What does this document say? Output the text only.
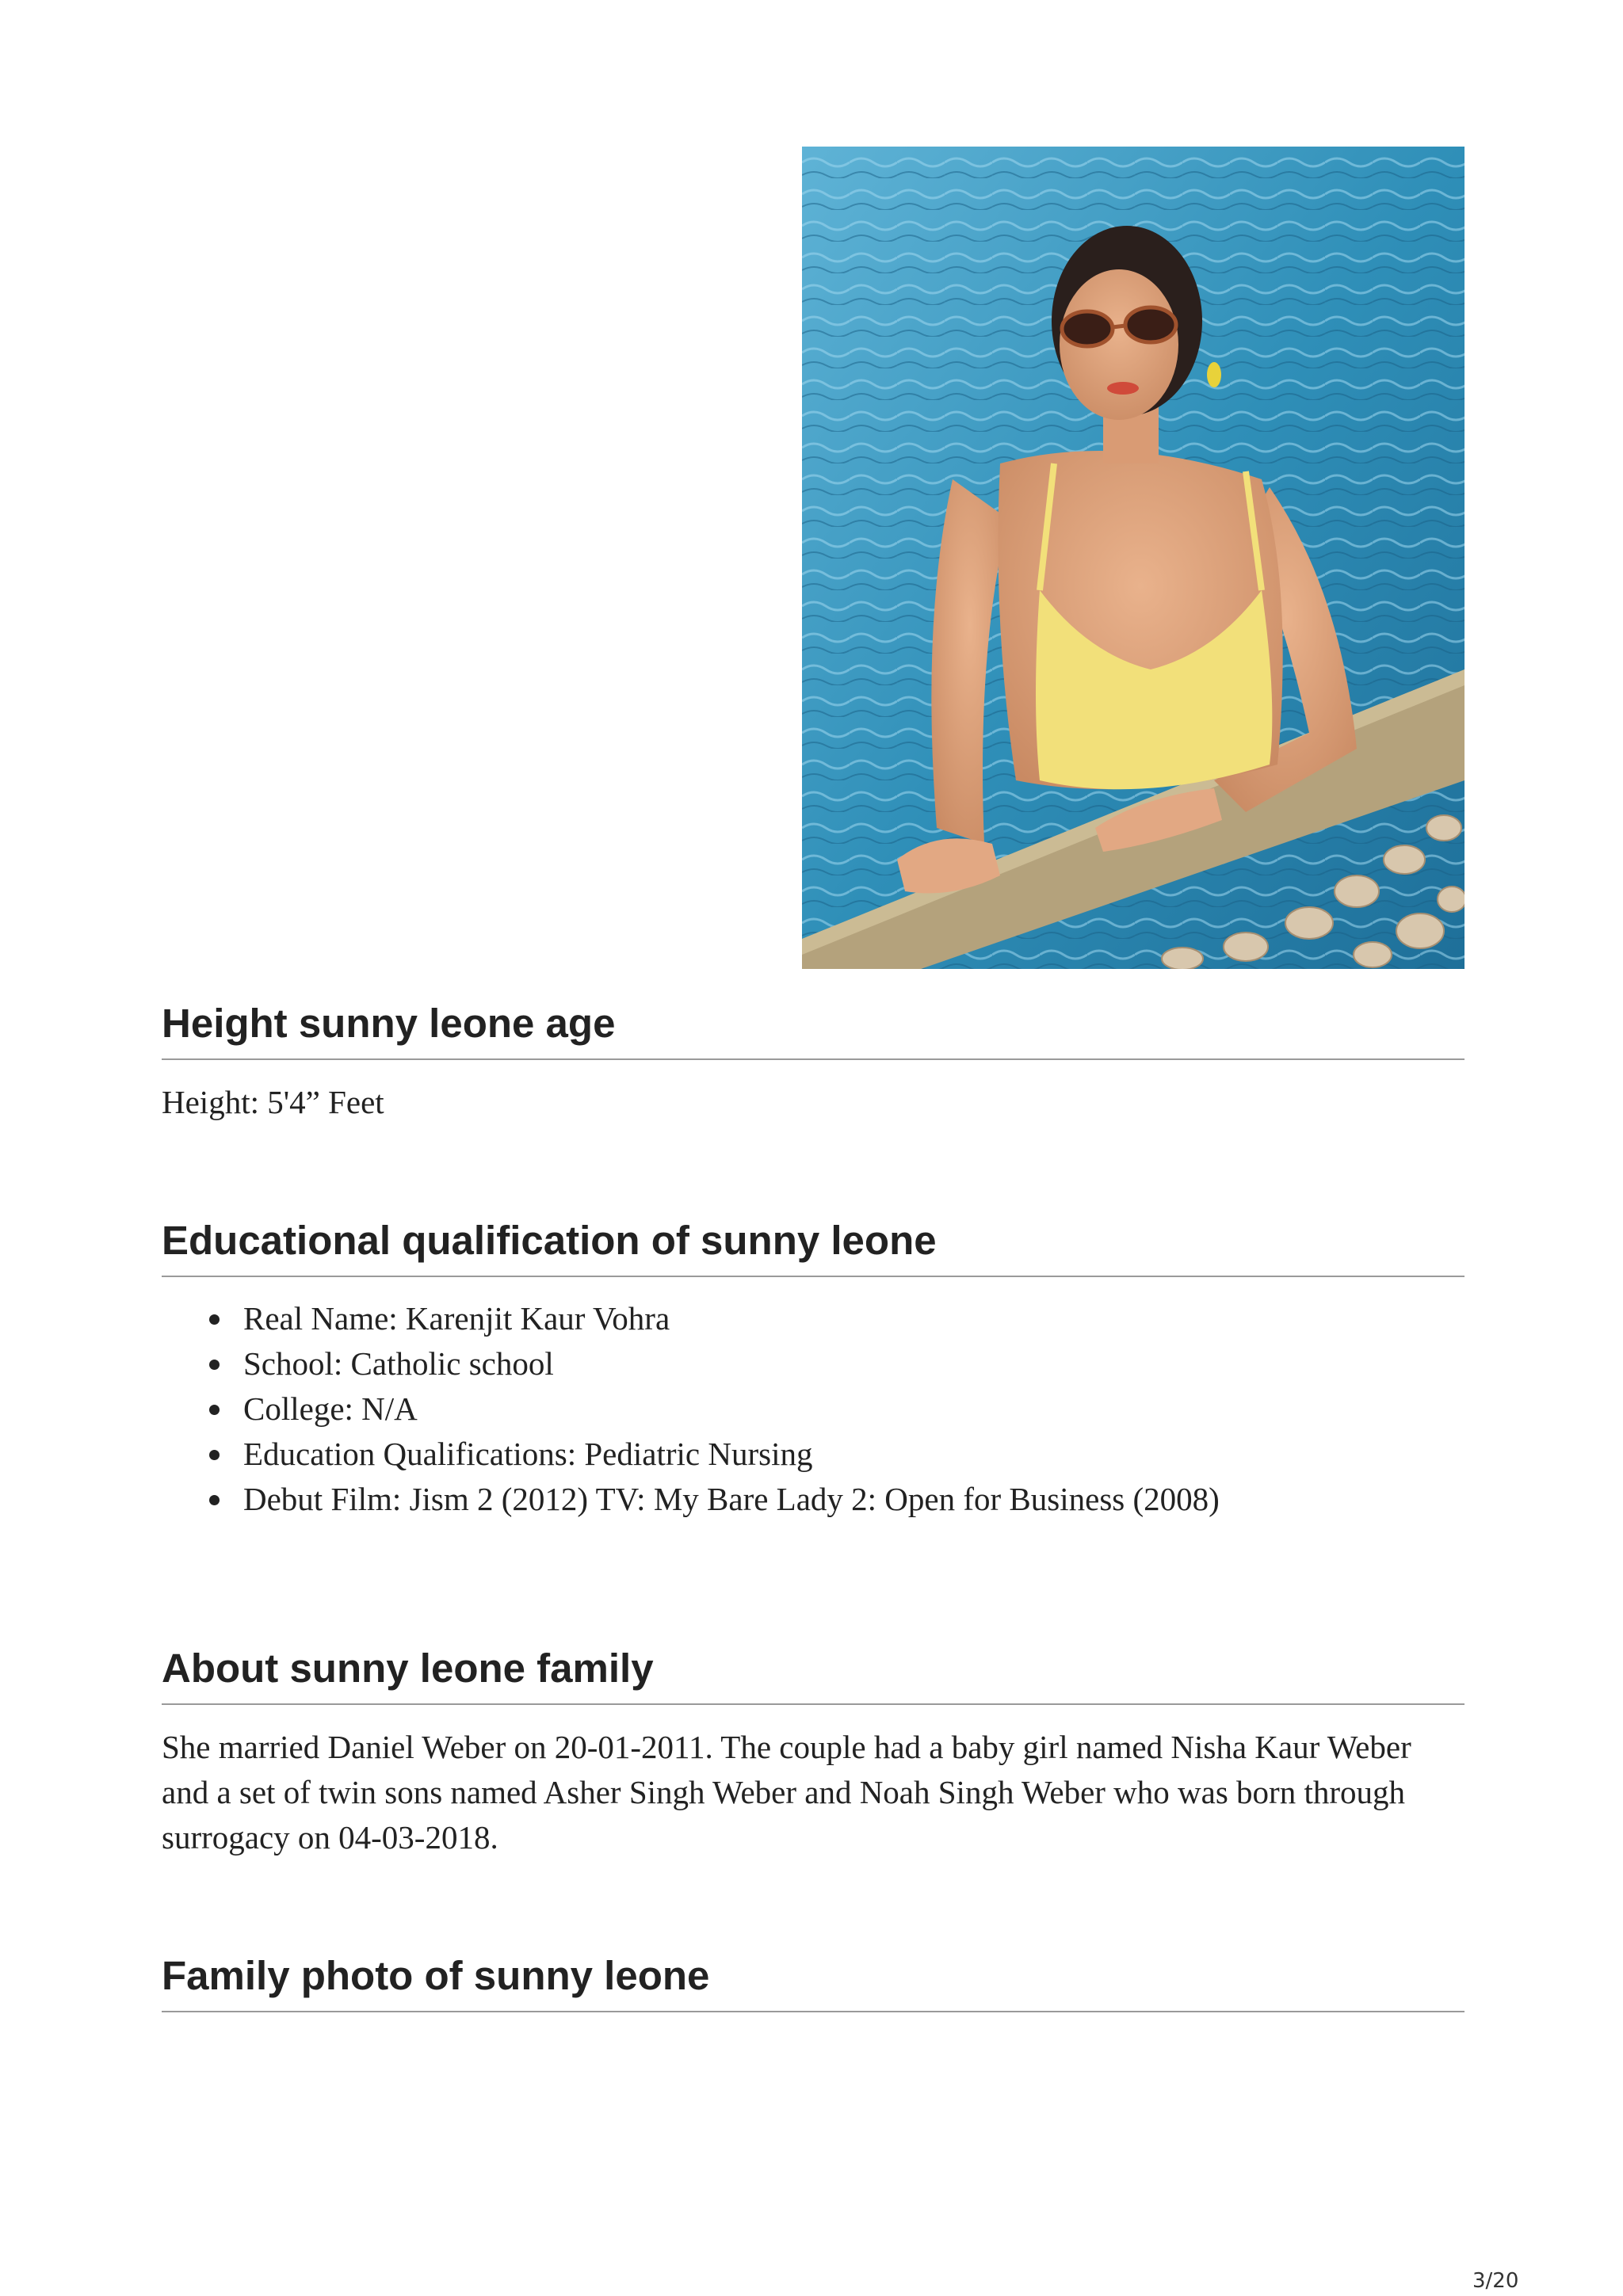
Height sunny leone age

Height: 5'4” Feet

Educational qualification of sunny leone
Real Name: Karenjit Kaur Vohra
School: Catholic school
College: N/A
Education Qualifications: Pediatric Nursing
Debut Film: Jism 2 (2012) TV: My Bare Lady 2: Open for Business (2008)
About sunny leone family

She married Daniel Weber on 20-01-2011. The couple had a baby girl named Nisha Kaur Weber and a set of twin sons named Asher Singh Weber and Noah Singh Weber who was born through surrogacy on 04-03-2018.

Family photo of sunny leone
3/20
